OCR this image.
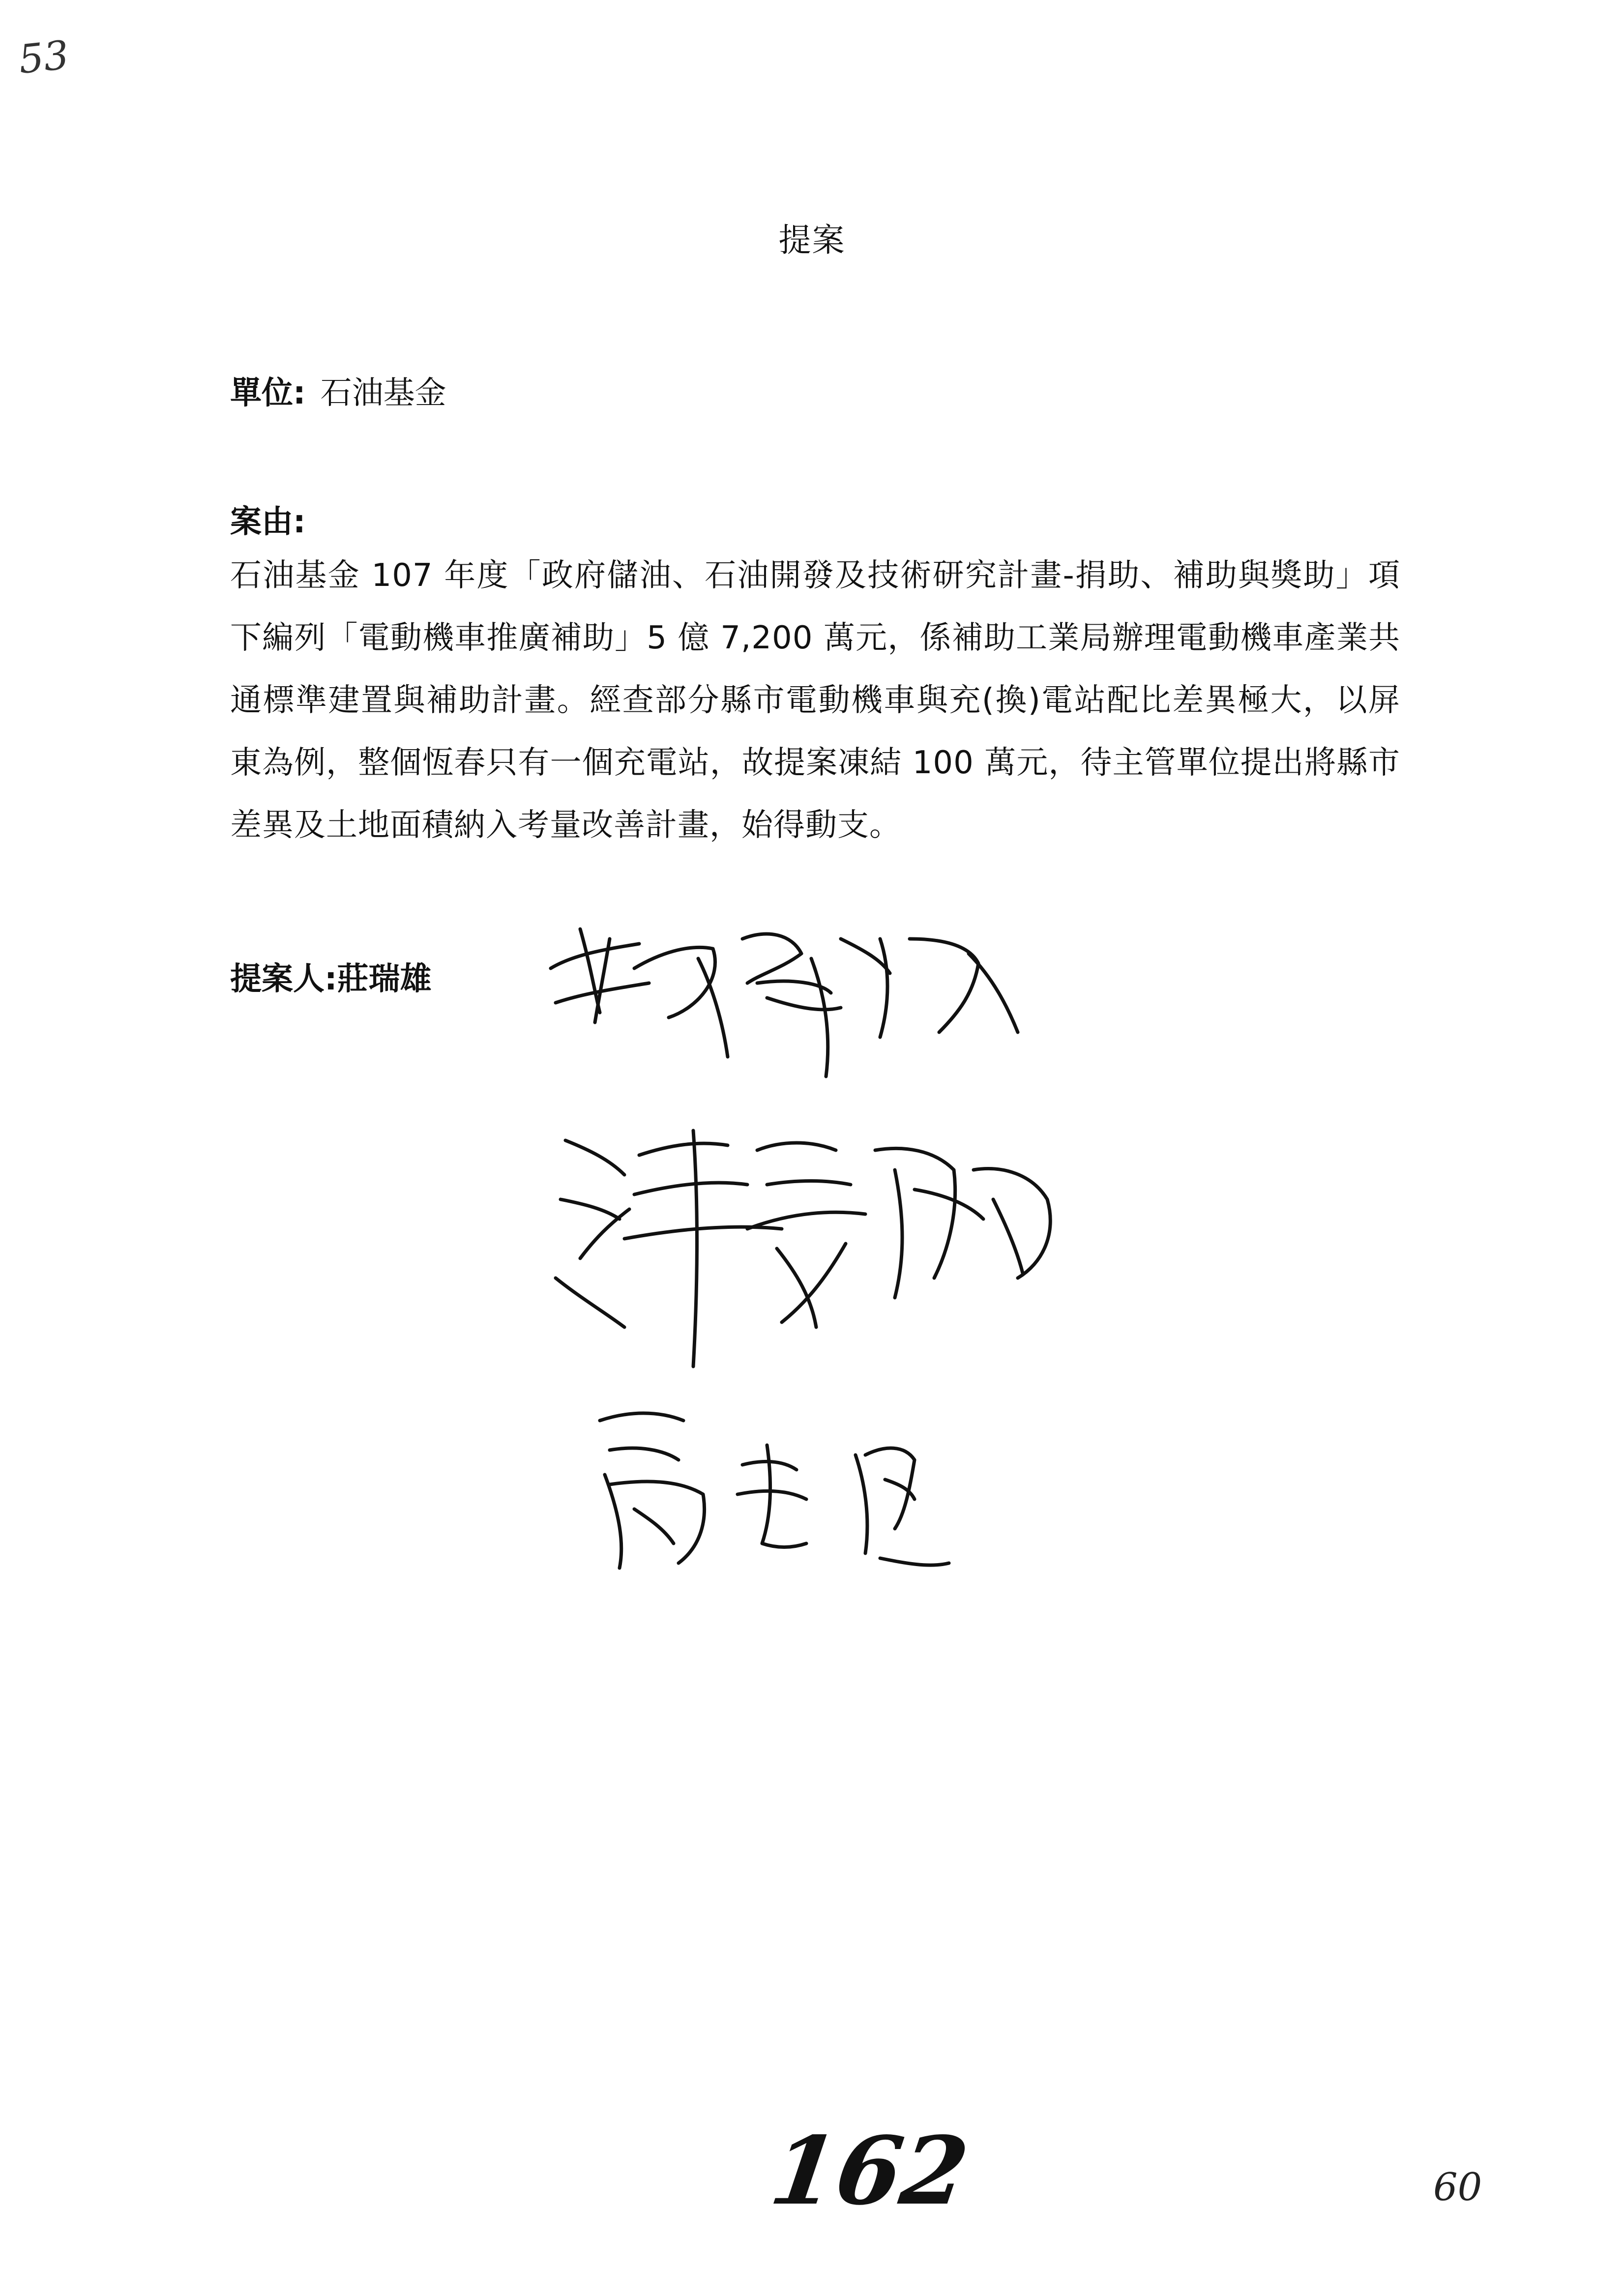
53
提案
單位: 石油基金
案由:

石油基金 107 年度「政府儲油、石油開發及技術研究計畫-捐助、補助與獎助」項下編列「電動機車推廣補助」5 億 7,200 萬元，係補助工業局辦理電動機車產業共通標準建置與補助計畫。經查部分縣市電動機車與充(換)電站配比差異極大，以屏東為例，整個恆春只有一個充電站，故提案凍結 100 萬元，待主管單位提出將縣市差異及土地面積納入考量改善計畫，始得動支。

提案人:莊瑞雄
162	60
